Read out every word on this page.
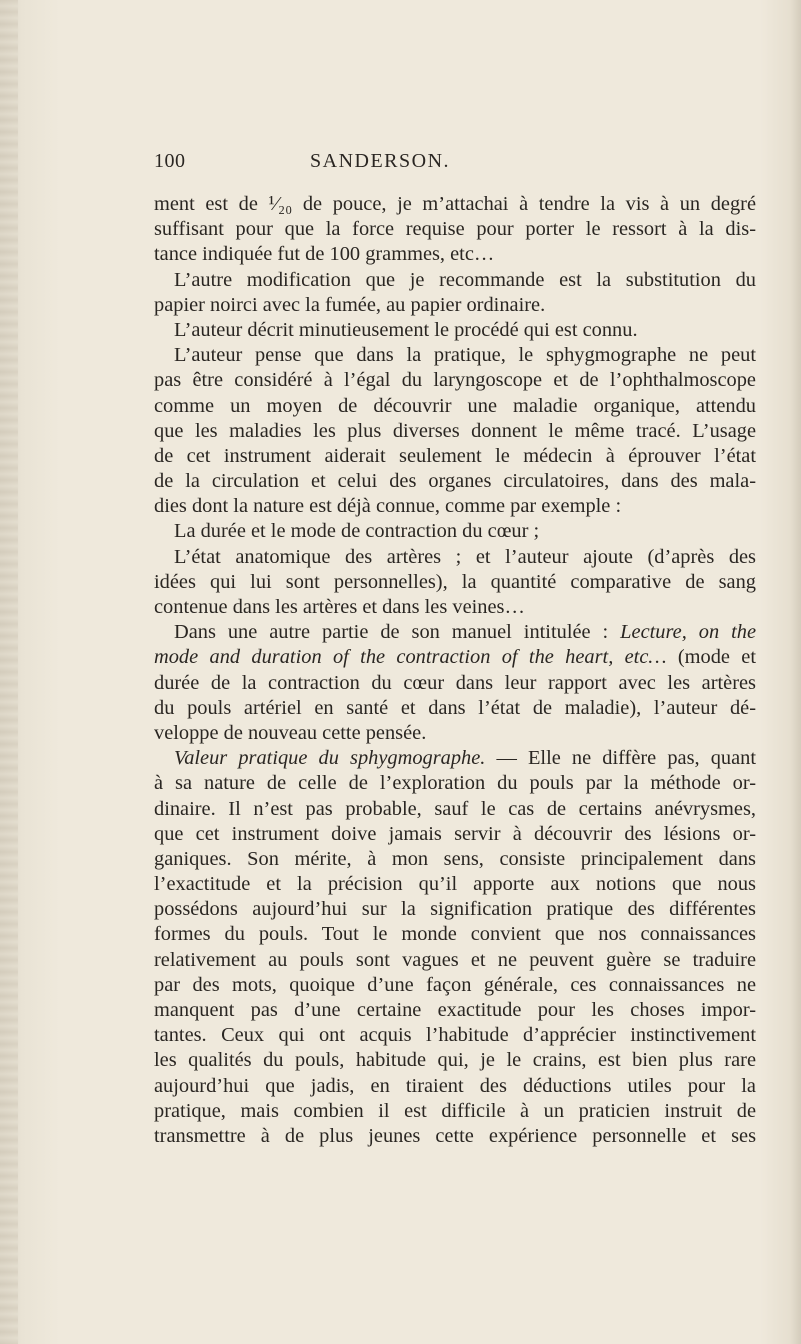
100	SANDERSON.
ment est de ¹⁄₂₀ de pouce, je m’attachai à tendre la vis à un degré
suffisant pour que la force requise pour porter le ressort à la dis-
tance indiquée fut de 100 grammes, etc…
L’autre modification que je recommande est la substitution du
papier noirci avec la fumée, au papier ordinaire.
L’auteur décrit minutieusement le procédé qui est connu.
L’auteur pense que dans la pratique, le sphygmographe ne peut
pas être considéré à l’égal du laryngoscope et de l’ophthalmoscope
comme un moyen de découvrir une maladie organique, attendu
que les maladies les plus diverses donnent le même tracé. L’usage
de cet instrument aiderait seulement le médecin à éprouver l’état
de la circulation et celui des organes circulatoires, dans des mala-
dies dont la nature est déjà connue, comme par exemple :
La durée et le mode de contraction du cœur ;
L’état anatomique des artères ; et l’auteur ajoute (d’après des
idées qui lui sont personnelles), la quantité comparative de sang
contenue dans les artères et dans les veines…
Dans une autre partie de son manuel intitulée : Lecture, on the
mode and duration of the contraction of the heart, etc… (mode et
durée de la contraction du cœur dans leur rapport avec les artères
du pouls artériel en santé et dans l’état de maladie), l’auteur dé-
veloppe de nouveau cette pensée.
Valeur pratique du sphygmographe. — Elle ne diffère pas, quant
à sa nature de celle de l’exploration du pouls par la méthode or-
dinaire. Il n’est pas probable, sauf le cas de certains anévrysmes,
que cet instrument doive jamais servir à découvrir des lésions or-
ganiques. Son mérite, à mon sens, consiste principalement dans
l’exactitude et la précision qu’il apporte aux notions que nous
possédons aujourd’hui sur la signification pratique des différentes
formes du pouls. Tout le monde convient que nos connaissances
relativement au pouls sont vagues et ne peuvent guère se traduire
par des mots, quoique d’une façon générale, ces connaissances ne
manquent pas d’une certaine exactitude pour les choses impor-
tantes. Ceux qui ont acquis l’habitude d’apprécier instinctivement
les qualités du pouls, habitude qui, je le crains, est bien plus rare
aujourd’hui que jadis, en tiraient des déductions utiles pour la
pratique, mais combien il est difficile à un praticien instruit de
transmettre à de plus jeunes cette expérience personnelle et ses
